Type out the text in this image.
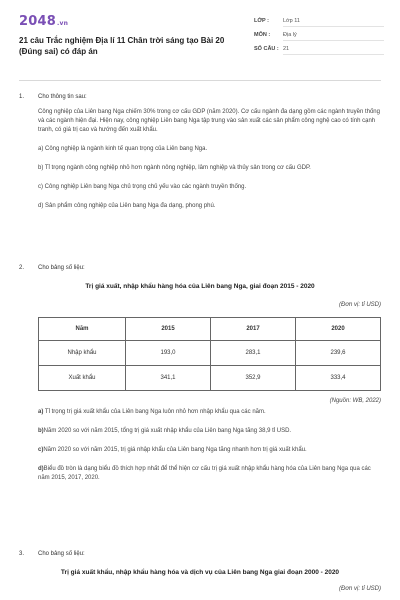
2048.vn
21 câu Trắc nghiệm Địa lí 11 Chân trời sáng tạo Bài 20 (Đúng sai) có đáp án
LỚP :	Lớp 11
MÔN :	Địa lý
SỐ CÂU : 21
1.	Cho thông tin sau:
Công nghiệp của Liên bang Nga chiếm 30% trong cơ cấu GDP (năm 2020). Cơ cấu ngành đa dạng gồm các ngành truyền thống và các ngành hiện đại. Hiện nay, công nghiệp Liên bang Nga tập trung vào sản xuất các sản phẩm công nghệ cao có tính cạnh tranh, có giá trị cao và hướng đến xuất khẩu.
a) Công nghiệp là ngành kinh tế quan trọng của Liên bang Nga.
b) Tỉ trọng ngành công nghiệp nhỏ hơn ngành nông nghiệp, lâm nghiệp và thủy sản trong cơ cấu GDP.
c) Công nghiệp Liên bang Nga chủ trọng chủ yếu vào các ngành truyền thống.
d) Sản phẩm công nghiệp của Liên bang Nga đa dạng, phong phú.
2.	Cho bảng số liệu:
Trị giá xuất, nhập khẩu hàng hóa của Liên bang Nga, giai đoạn 2015 - 2020
(Đơn vị: tỉ USD)
Năm	2015	2017	2020
Nhập khẩu	193,0	283,1	239,6
Xuất khẩu	341,1	352,9	333,4
(Nguồn: WB, 2022)
a) Tỉ trọng trị giá xuất khẩu của Liên bang Nga luôn nhỏ hơn nhập khẩu qua các năm.
b)Năm 2020 so với năm 2015, tổng trị giá xuất nhập khẩu của Liên bang Nga tăng 38,9 tỉ USD.
c)Năm 2020 so với năm 2015, trị giá nhập khẩu của Liên bang Nga tăng nhanh hơn trị giá xuất khẩu.
d)Biểu đồ tròn là dạng biểu đồ thích hợp nhất để thể hiện cơ cấu trị giá xuất nhập khẩu hàng hóa của Liên bang Nga qua các năm 2015, 2017, 2020.
3.	Cho bảng số liệu:
Trị giá xuất khẩu, nhập khẩu hàng hóa và dịch vụ của Liên bang Nga giai đoạn 2000 - 2020
(Đơn vị: tỉ USD)
